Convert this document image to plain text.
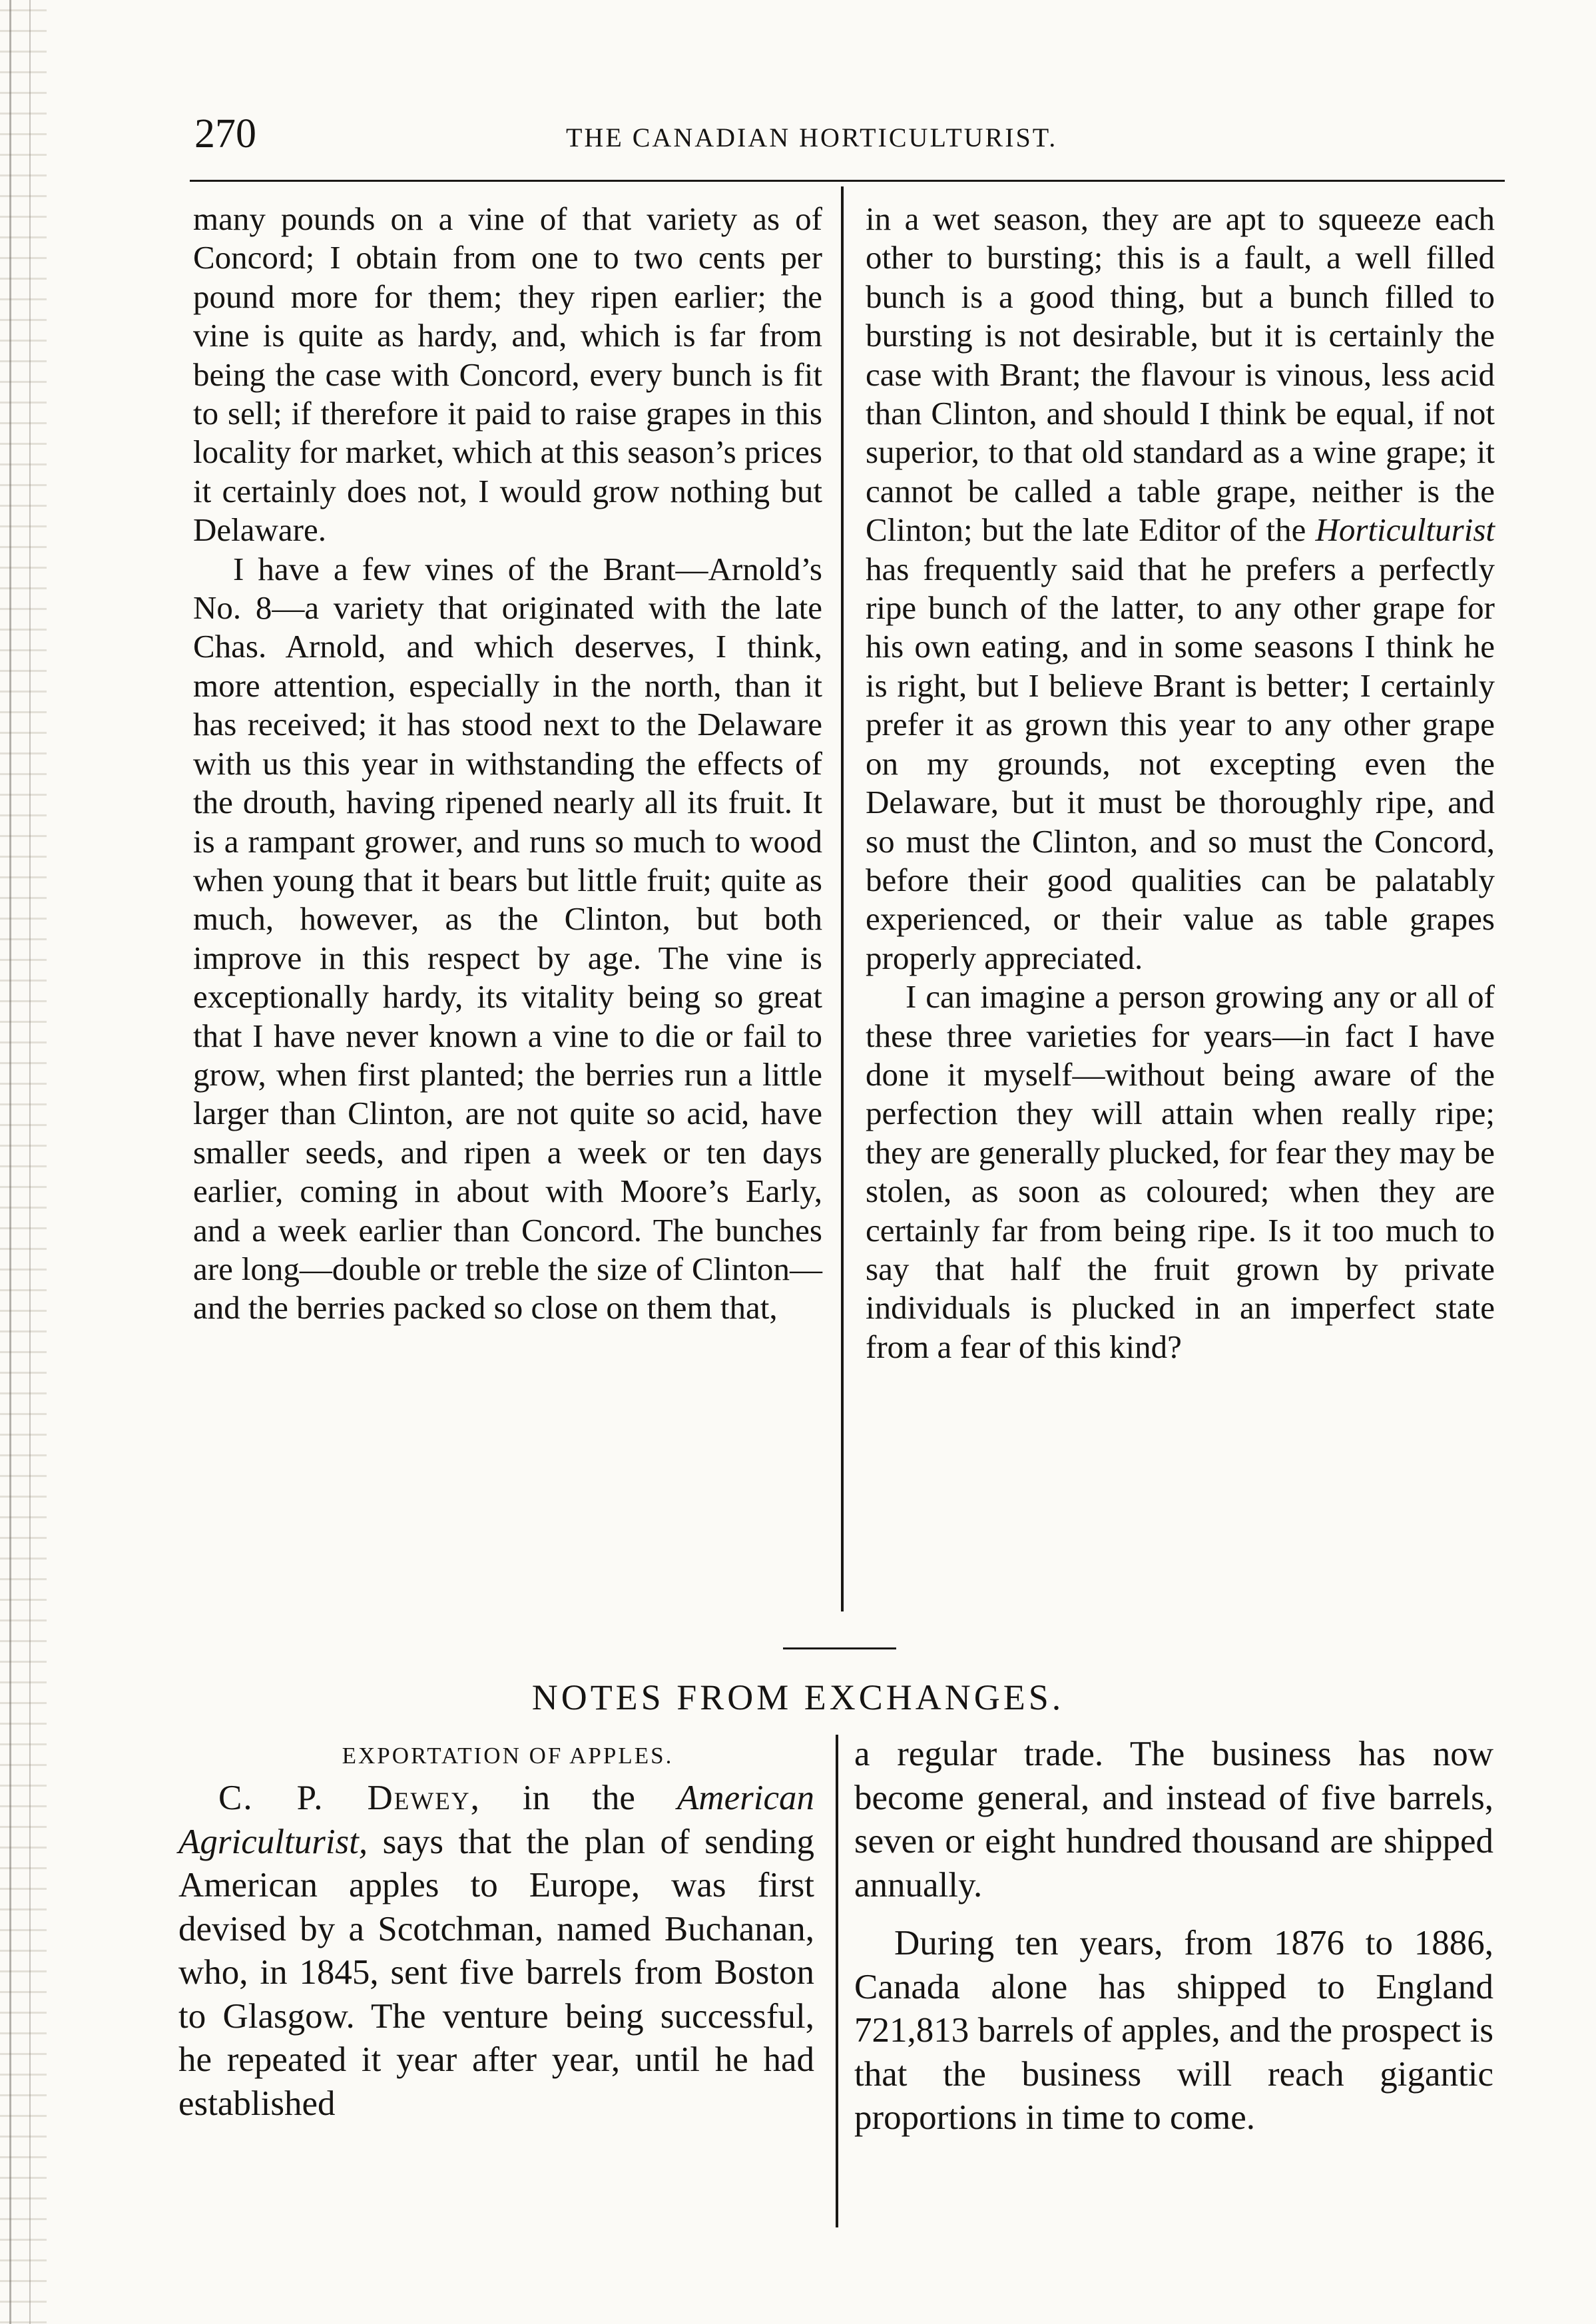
270	THE CANADIAN HORTICULTURIST.

many pounds on a vine of that variety as of Concord; I obtain from one to two cents per pound more for them; they ripen earlier; the vine is quite as hardy, and, which is far from being the case with Concord, every bunch is fit to sell; if therefore it paid to raise grapes in this locality for market, which at this season’s prices it certainly does not, I would grow nothing but Delaware.

I have a few vines of the Brant—Arnold’s No. 8—a variety that originated with the late Chas. Arnold, and which deserves, I think, more attention, especially in the north, than it has received; it has stood next to the Delaware with us this year in withstanding the effects of the drouth, having ripened nearly all its fruit. It is a rampant grower, and runs so much to wood when young that it bears but little fruit; quite as much, however, as the Clinton, but both improve in this respect by age. The vine is exceptionally hardy, its vitality being so great that I have never known a vine to die or fail to grow, when first planted; the berries run a little larger than Clinton, are not quite so acid, have smaller seeds, and ripen a week or ten days earlier, coming in about with Moore’s Early, and a week earlier than Concord. The bunches are long—double or treble the size of Clinton—and the berries packed so close on them that,

in a wet season, they are apt to squeeze each other to bursting; this is a fault, a well filled bunch is a good thing, but a bunch filled to bursting is not desirable, but it is certainly the case with Brant; the flavour is vinous, less acid than Clinton, and should I think be equal, if not superior, to that old standard as a wine grape; it cannot be called a table grape, neither is the Clinton; but the late Editor of the Horticulturist has frequently said that he prefers a perfectly ripe bunch of the latter, to any other grape for his own eating, and in some seasons I think he is right, but I believe Brant is better; I certainly prefer it as grown this year to any other grape on my grounds, not excepting even the Delaware, but it must be thoroughly ripe, and so must the Clinton, and so must the Concord, before their good qualities can be palatably experienced, or their value as table grapes properly appreciated.

I can imagine a person growing any or all of these three varieties for years—in fact I have done it myself—without being aware of the perfection they will attain when really ripe; they are generally plucked, for fear they may be stolen, as soon as coloured; when they are certainly far from being ripe. Is it too much to say that half the fruit grown by private individuals is plucked in an imperfect state from a fear of this kind?

NOTES FROM EXCHANGES.
EXPORTATION OF APPLES.

C. P. Dewey, in the American Agriculturist, says that the plan of sending American apples to Europe, was first devised by a Scotchman, named Buchanan, who, in 1845, sent five barrels from Boston to Glasgow. The venture being successful, he repeated it year after year, until he had established

a regular trade. The business has now become general, and instead of five barrels, seven or eight hundred thousand are shipped annually.

During ten years, from 1876 to 1886, Canada alone has shipped to England 721,813 barrels of apples, and the prospect is that the business will reach gigantic proportions in time to come.
